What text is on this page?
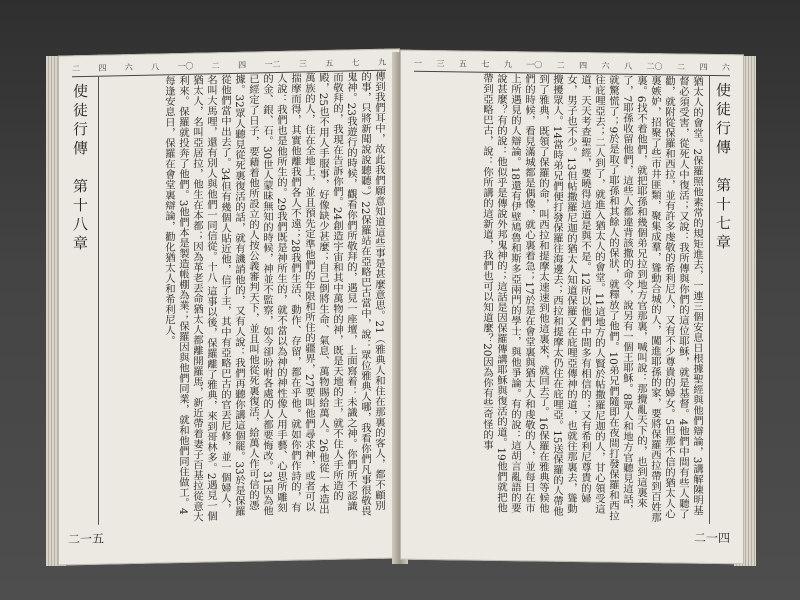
二 四 六 八 一〇 二 四 一二 三 五 七 九
傳到我們耳中，故此我們願意知道這些事是甚麼意思。21（雅典人和住在那裏的客人，都不顧別的事，只將新聞說說聽聽。）22保羅站在亞略巴古當中，說：眾位雅典人哪，我看你們凡事很敬畏鬼神。23我遊行的時候，觀看你們所敬拜的，遇見一座壇，上面寫着：未識之神。你們所不認識而敬拜的，我現在告訴你們。24創造宇宙和其中萬物的神，既是天地的主，就不住人手所造的殿，25也不用人手服事，好像缺少甚麼；自己倒將生命、氣息、萬物賜給萬人。26他從一本造出萬族的人，住在全地上，並且預先定準他們的年限和所住的疆界，27要叫他們尋求神，或者可以揣摩而得，其實他離我們各人不遠；28我們生活、動作、存留，都在乎他。就如你們作詩的，有人說：我們也是他所生的。29我們既是神所生的，就不當以為神的神性像人用手藝、心思所雕刻的金、銀、石。30世人蒙昧無知的時候，神並不監察，如今卻吩咐各處的人都要悔改。31因為他已經定了日子，要藉着他所設立的人按公義審判天下，並且叫他從死裏復活，給萬人作可信的憑據。32眾人聽見從死裏復活的話，就有譏誚他的，又有人說：我們再聽你講這個罷。33於是保羅從他們當中出去了。34但有幾個人貼近他，信了主，其中有亞略巴古的官丟尼修，並一個婦人，名叫大馬哩，還有別人與他們一同信從。十八 這事以後，保羅離了雅典，來到哥林多。2遇見一個猶太人，名叫亞居拉，他生在本都；因為革老丟命猶太人都離開羅馬，新近帶着妻子百基拉從意大利來。保羅就投奔了他們。3他們本是製造帳棚為業；保羅因與他們同業，就和他們同住做工。4每逢安息日，保羅在會堂裏辯論，勸化猶太人和希利尼人。
使徒行傳　第十八章
二一五
一 三 五 七 九 一〇 二 四 六 八 二〇 二 四 六
猶太人的會堂。2保羅照他素常的規矩進去，一連三個安息日根據聖經與他們辯論，3講解陳明基督必須受害，從死人中復活；又說：我所傳與你們的這位耶穌，就是基督。4他們中間有些人聽了勸，就附從保羅和西拉，並有許多虔敬的希利尼人，又有不少尊貴的婦女。5但那不信的猶太人心裏嫉妒，招聚了些市井匪類，聚集成羣，聳動合城的人，闖進耶孫的家，要將保羅西拉帶到百姓那裏。6找不着他們，就把耶孫和幾個弟兄拉到地方官那裏，喊叫說：那攪亂天下的，也到這裏來了，7耶孫收留他們，這些人都違背該撒的命令，說另有一個王耶穌。8眾人和地方官聽見這話，就驚慌了；9於是取了耶孫和其餘人的保狀，就釋放了他們。10弟兄們隨即在夜間打發保羅和西拉往庇哩亞去；二人到了，就進入猶太人的會堂。11這地方的人賢於帖撒羅尼迦的人，甘心領受這道，天天考查聖經，要曉得這道是與不是。12所以他們中間多有相信的；又有希利尼尊貴的婦女，男子也不少。13但帖撒羅尼迦的猶太人知道保羅又在庇哩亞傳神的道，也就往那裏去，聳動攪擾眾人。14當時弟兄們便打發保羅往海邊去；西拉和提摩太仍住在庇哩亞。15送保羅的人帶他到了雅典，既領了保羅的命，叫西拉和提摩太速速到他這裏來，就回去了。16保羅在雅典等候他們的時候，看見滿城都是偶像，就心裏着急；17於是在會堂裏與猶太人和虔敬的人，並每日在市上所遇見的人辯論。18還有伊壁鳩魯和斯多亞兩門的學士，與他爭論。有的說：這胡言亂語的要說甚麼？有的說：他似乎是傳說外邦鬼神的；這話是因保羅傳講耶穌與復活的道。19他們就把他帶到亞略巴古，說：你所講的這新道，我們也可以知道麼？20因為你有些奇怪的事	使徒行傳　第十七章
二一四
